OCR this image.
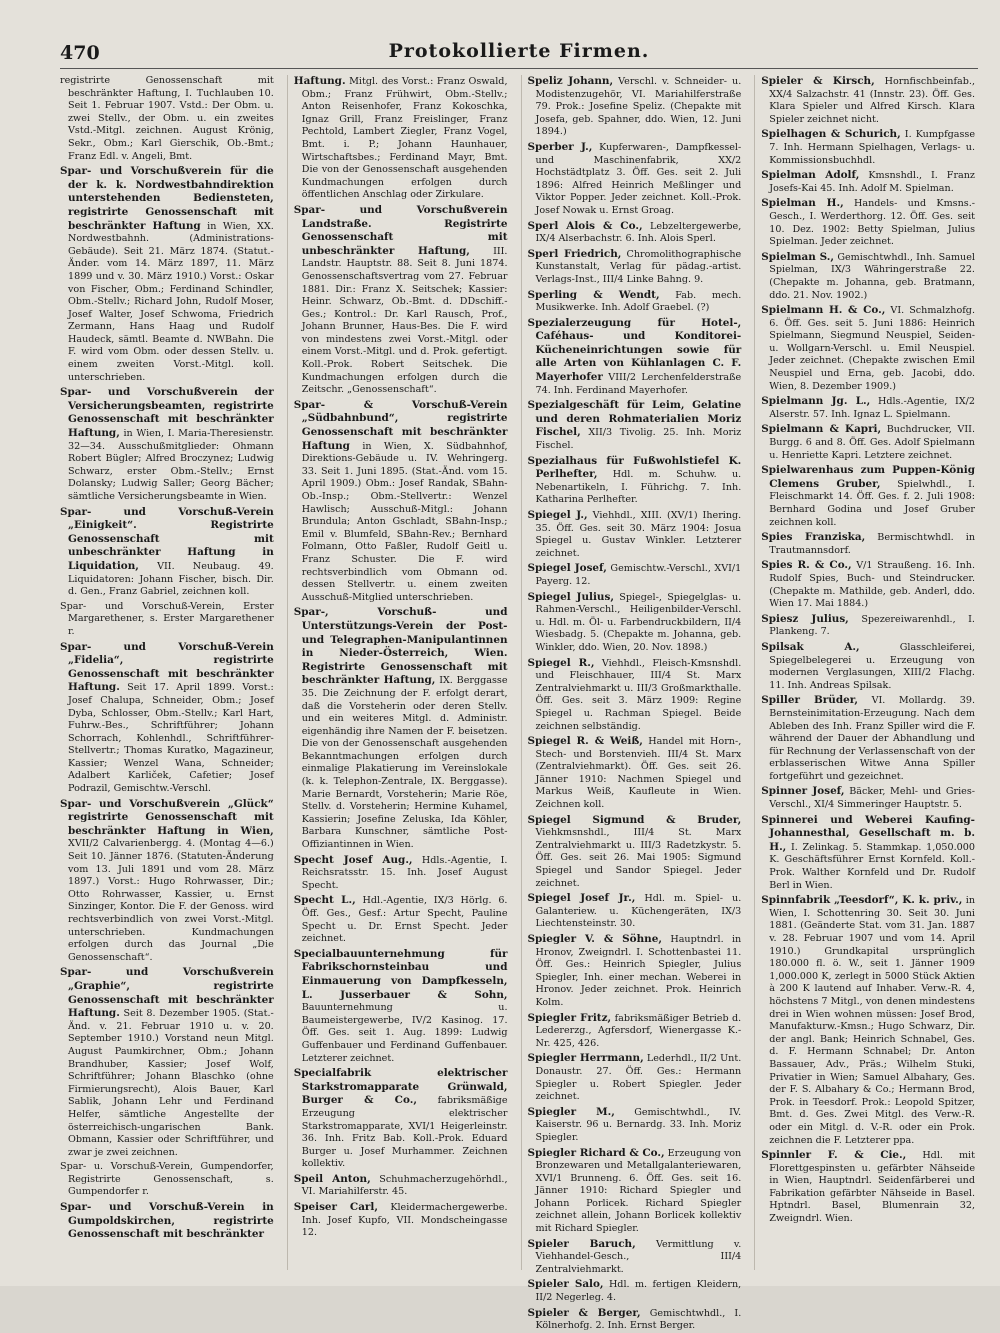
470	Protokollierte Firmen.

registrirte Genossenschaft mit beschränkter Haftung, I. Tuchlauben 10. Seit 1. Februar 1907. Vstd.: Der Obm. u. zwei Stellv., der Obm. u. ein zweites Vstd.-Mitgl. zeichnen. August Krönig, Sekr., Obm.; Karl Gierschik, Ob.-Bmt.; Franz Edl. v. Angeli, Bmt.

Spar- und Vorschußverein für die der k. k. Nordwestbahndirektion unterstehenden Bediensteten, registrirte Genossenschaft mit beschränkter Haftung in Wien, XX. Nordwestbahnh. (Administrations-Gebäude). Seit 21. März 1874. (Statut.-Änder. vom 14. März 1897, 11. März 1899 und v. 30. März 1910.) Vorst.: Oskar von Fischer, Obm.; Ferdinand Schindler, Obm.-Stellv.; Richard John, Rudolf Moser, Josef Walter, Josef Schwoma, Friedrich Zermann, Hans Haag und Rudolf Haudeck, sämtl. Beamte d. NWBahn. Die F. wird vom Obm. oder dessen Stellv. u. einem zweiten Vorst.-Mitgl. koll. unterschrieben.

Spar- und Vorschußverein der Versicherungsbeamten, registrirte Genossenschaft mit beschränkter Haftung, in Wien, I. Maria-Theresienstr. 32—34. Ausschußmitglieder: Ohmann Robert Bügler; Alfred Broczynez; Ludwig Schwarz, erster Obm.-Stellv.; Ernst Dolansky; Ludwig Saller; Georg Bächer; sämtliche Versicherungsbeamte in Wien.

Spar- und Vorschuß-Verein „Einigkeit“. Registrirte Genossenschaft mit unbeschränkter Haftung in Liquidation, VII. Neubaug. 49. Liquidatoren: Johann Fischer, bisch. Dir. d. Gen., Franz Gabriel, zeichnen koll.

Spar- und Vorschuß-Verein, Erster Margarethener, s. Erster Margarethener r.

Spar- und Vorschuß-Verein „Fidelia“, registrirte Genossenschaft mit beschränkter Haftung. Seit 17. April 1899. Vorst.: Josef Chalupa, Schneider, Obm.; Josef Dyba, Schlosser, Obm.-Stellv.; Karl Hart, Fuhrw.-Bes., Schriftführer; Johann Schorrach, Kohlenhdl., Schriftführer-Stellvertr.; Thomas Kuratko, Magazineur, Kassier; Wenzel Wana, Schneider; Adalbert Karliček, Cafetier; Josef Podrazil, Gemischtw.-Verschl.

Spar- und Vorschußverein „Glück“ registrirte Genossenschaft mit beschränkter Haftung in Wien, XVII/2 Calvarienbergg. 4. (Montag 4—6.) Seit 10. Jänner 1876. (Statuten-Änderung vom 13. Juli 1891 und vom 28. März 1897.) Vorst.: Hugo Rohrwasser, Dir.; Otto Rohrwasser, Kassier, u. Ernst Sinzinger, Kontor. Die F. der Genoss. wird rechtsverbindlich von zwei Vorst.-Mitgl. unterschrieben. Kundmachungen erfolgen durch das Journal „Die Genossenschaft“.

Spar- und Vorschußverein „Graphie“, registrirte Genossenschaft mit beschränkter Haftung. Seit 8. Dezember 1905. (Stat.-Änd. v. 21. Februar 1910 u. v. 20. September 1910.) Vorstand neun Mitgl. August Paumkirchner, Obm.; Johann Brandhuber, Kassier; Josef Wolf, Schriftführer; Johann Blaschko (ohne Firmierungsrecht), Alois Bauer, Karl Sablik, Johann Lehr und Ferdinand Helfer, sämtliche Angestellte der österreichisch-ungarischen Bank. Obmann, Kassier oder Schriftführer, und zwar je zwei zeichnen.

Spar- u. Vorschuß-Verein, Gumpendorfer, Registrirte Genossenschaft, s. Gumpendorfer r.

Spar- und Vorschuß-Verein in Gumpoldskirchen, registrirte Genossenschaft mit beschränkter

Haftung. Mitgl. des Vorst.: Franz Oswald, Obm.; Franz Frühwirt, Obm.-Stellv.; Anton Reisenhofer, Franz Kokoschka, Ignaz Grill, Franz Freislinger, Franz Pechtold, Lambert Ziegler, Franz Vogel, Bmt. i. P.; Johann Haunhauer, Wirtschaftsbes.; Ferdinand Mayr, Bmt. Die von der Genossenschaft ausgehenden Kundmachungen erfolgen durch öffentlichen Anschlag oder Zirkulare.

Spar- und Vorschußverein Landstraße. Registrirte Genossenschaft mit unbeschränkter Haftung, III. Landstr. Hauptstr. 88. Seit 8. Juni 1874. Genossenschaftsvertrag vom 27. Februar 1881. Dir.: Franz X. Seitschek; Kassier: Heinr. Schwarz, Ob.-Bmt. d. DDschiff.-Ges.; Kontrol.: Dr. Karl Rausch, Prof., Johann Brunner, Haus-Bes. Die F. wird von mindestens zwei Vorst.-Mitgl. oder einem Vorst.-Mitgl. und d. Prok. gefertigt. Koll.-Prok. Robert Seitschek. Die Kundmachungen erfolgen durch die Zeitschr. „Genossenschaft“.

Spar- & Vorschuß-Verein „Südbahnbund“, registrirte Genossenschaft mit beschränkter Haftung in Wien, X. Südbahnhof, Direktions-Gebäude u. IV. Wehringerg. 33. Seit 1. Juni 1895. (Stat.-Änd. vom 15. April 1909.) Obm.: Josef Randak, SBahn-Ob.-Insp.; Obm.-Stellvertr.: Wenzel Hawlisch; Ausschuß-Mitgl.: Johann Brundula; Anton Gschladt, SBahn-Insp.; Emil v. Blumfeld, SBahn-Rev.; Bernhard Folmann, Otto Faßler, Rudolf Geitl u. Franz Schuster. Die F. wird rechtsverbindlich vom Obmann od. dessen Stellvertr. u. einem zweiten Ausschuß-Mitglied unterschrieben.

Spar-, Vorschuß- und Unterstützungs-Verein der Post- und Telegraphen-Manipulantinnen in Nieder-Österreich, Wien. Registrirte Genossenschaft mit beschränkter Haftung, IX. Berggasse 35. Die Zeichnung der F. erfolgt derart, daß die Vorsteherin oder deren Stellv. und ein weiteres Mitgl. d. Administr. eigenhändig ihre Namen der F. beisetzen. Die von der Genossenschaft ausgehenden Bekanntmachungen erfolgen durch einmalige Plakatierung im Vereinslokale (k. k. Telephon-Zentrale, IX. Berggasse). Marie Bernardt, Vorsteherin; Marie Röe, Stellv. d. Vorsteherin; Hermine Kuhamel, Kassierin; Josefine Zeluska, Ida Köhler, Barbara Kunschner, sämtliche Post-Offiziantinnen in Wien.

Specht Josef Aug., Hdls.-Agentie, I. Reichsratsstr. 15. Inh. Josef August Specht.

Specht L., Hdl.-Agentie, IX/3 Hörlg. 6. Öff. Ges., Gesf.: Artur Specht, Pauline Specht u. Dr. Ernst Specht. Jeder zeichnet.

Specialbauunternehmung für Fabrikschornsteinbau und Einmauerung von Dampfkesseln, L. Jusserbauer & Sohn, Bauunternehmung u. Baumeistergewerbe, IV/2 Kasinog. 17. Öff. Ges. seit 1. Aug. 1899: Ludwig Guffenbauer und Ferdinand Guffenbauer. Letzterer zeichnet.

Specialfabrik elektrischer Starkstromapparate Grünwald, Burger & Co., fabriksmäßige Erzeugung elektrischer Starkstromapparate, XVI/1 Heigerleinstr. 36. Inh. Fritz Bab. Koll.-Prok. Eduard Burger u. Josef Murhammer. Zeichnen kollektiv.

Speil Anton, Schuhmacherzugehörhdl., VI. Mariahilferstr. 45.

Speiser Carl, Kleidermachergewerbe. Inh. Josef Kupfo, VII. Mondscheingasse 12.

Speliz Johann, Verschl. v. Schneider- u. Modistenzugehör, VI. Mariahilferstraße 79. Prok.: Josefine Speliz. (Chepakte mit Josefa, geb. Spahner, ddo. Wien, 12. Juni 1894.)

Sperber J., Kupferwaren-, Dampfkessel- und Maschinenfabrik, XX/2 Hochstädtplatz 3. Öff. Ges. seit 2. Juli 1896: Alfred Heinrich Meßlinger und Viktor Popper. Jeder zeichnet. Koll.-Prok. Josef Nowak u. Ernst Groag.

Sperl Alois & Co., Lebzeltergewerbe, IX/4 Alserbachstr. 6. Inh. Alois Sperl.

Sperl Friedrich, Chromolithographische Kunstanstalt, Verlag für pädag.-artist. Verlags-Inst., III/4 Linke Bahng. 9.

Sperling & Wendt, Fab. mech. Musikwerke. Inh. Adolf Graebel. (?)

Spezialerzeugung für Hotel-, Caféhaus- und Konditorei-Kücheneinrichtungen sowie für alle Arten von Kühlanlagen C. F. Mayerhofer VIII/2 Lerchenfelderstraße 74. Inh. Ferdinand Mayerhofer.

Spezialgeschäft für Leim, Gelatine und deren Rohmaterialien Moriz Fischel, XII/3 Tivolig. 25. Inh. Moriz Fischel.

Spezialhaus für Fußwohlstiefel K. Perlhefter, Hdl. m. Schuhw. u. Nebenartikeln, I. Führichg. 7. Inh. Katharina Perlhefter.

Spiegel J., Viehhdl., XIII. (XV/1) Ihering. 35. Öff. Ges. seit 30. März 1904: Josua Spiegel u. Gustav Winkler. Letzterer zeichnet.

Spiegel Josef, Gemischtw.-Verschl., XVI/1 Payerg. 12.

Spiegel Julius, Spiegel-, Spiegelglas- u. Rahmen-Verschl., Heiligenbilder-Verschl. u. Hdl. m. Öl- u. Farbendruckbildern, II/4 Wiesbadg. 5. (Chepakte m. Johanna, geb. Winkler, ddo. Wien, 20. Nov. 1898.)

Spiegel R., Viehhdl., Fleisch-Kmsnshdl. und Fleischhauer, III/4 St. Marx Zentralviehmarkt u. III/3 Großmarkthalle. Öff. Ges. seit 3. März 1909: Regine Spiegel u. Rachman Spiegel. Beide zeichnen selbständig.

Spiegel R. & Weiß, Handel mit Horn-, Stech- und Borstenvieh. III/4 St. Marx (Zentralviehmarkt). Öff. Ges. seit 26. Jänner 1910: Nachmen Spiegel und Markus Weiß, Kaufleute in Wien. Zeichnen koll.

Spiegel Sigmund & Bruder, Viehkmsnshdl., III/4 St. Marx Zentralviehmarkt u. III/3 Radetzkystr. 5. Öff. Ges. seit 26. Mai 1905: Sigmund Spiegel und Sandor Spiegel. Jeder zeichnet.

Spiegel Josef Jr., Hdl. m. Spiel- u. Galanteriew. u. Küchengeräten, IX/3 Liechtensteinstr. 30.

Spiegler V. & Söhne, Hauptndrl. in Hronov, Zweigndrl. I. Schottenbastei 11. Öff. Ges.: Heinrich Spiegler, Julius Spiegler, Inh. einer mechan. Weberei in Hronov. Jeder zeichnet. Prok. Heinrich Kolm.

Spiegler Fritz, fabriksmäßiger Betrieb d. Ledererzg., Agfersdorf, Wienergasse K.-Nr. 425, 426.

Spiegler Herrmann, Lederhdl., II/2 Unt. Donaustr. 27. Öff. Ges.: Hermann Spiegler u. Robert Spiegler. Jeder zeichnet.

Spiegler M., Gemischtwhdl., IV. Kaiserstr. 96 u. Bernardg. 33. Inh. Moriz Spiegler.

Spiegler Richard & Co., Erzeugung von Bronzewaren und Metallgalanteriewaren, XVI/1 Brunneng. 6. Öff. Ges. seit 16. Jänner 1910: Richard Spiegler und Johann Porlicek. Richard Spiegler zeichnet allein, Johann Borlicek kollektiv mit Richard Spiegler.

Spieler Baruch, Vermittlung v. Viehhandel-Gesch., III/4 Zentralviehmarkt.

Spieler Salo, Hdl. m. fertigen Kleidern, II/2 Negerleg. 4.

Spieler & Berger, Gemischtwhdl., I. Kölnerhofg. 2. Inh. Ernst Berger.

Spieler & Kirsch, Hornfischbeinfab., XX/4 Salzachstr. 41 (Innstr. 23). Öff. Ges. Klara Spieler und Alfred Kirsch. Klara Spieler zeichnet nicht.

Spielhagen & Schurich, I. Kumpfgasse 7. Inh. Hermann Spielhagen, Verlags- u. Kommissionsbuchhdl.

Spielman Adolf, Kmsnshdl., I. Franz Josefs-Kai 45. Inh. Adolf M. Spielman.

Spielman H., Handels- und Kmsns.-Gesch., I. Werderthorg. 12. Öff. Ges. seit 10. Dez. 1902: Betty Spielman, Julius Spielman. Jeder zeichnet.

Spielman S., Gemischtwhdl., Inh. Samuel Spielman, IX/3 Währingerstraße 22. (Chepakte m. Johanna, geb. Bratmann, ddo. 21. Nov. 1902.)

Spielmann H. & Co., VI. Schmalzhofg. 6. Öff. Ges. seit 5. Juni 1886: Heinrich Spielmann, Siegmund Neuspiel, Seiden- u. Wollgarn-Verschl. u. Emil Neuspiel. Jeder zeichnet. (Chepakte zwischen Emil Neuspiel und Erna, geb. Jacobi, ddo. Wien, 8. Dezember 1909.)

Spielmann Jg. L., Hdls.-Agentie, IX/2 Alserstr. 57. Inh. Ignaz L. Spielmann.

Spielmann & Kapri, Buchdrucker, VII. Burgg. 6 and 8. Öff. Ges. Adolf Spielmann u. Henriette Kapri. Letztere zeichnet.

Spielwarenhaus zum Puppen-König Clemens Gruber, Spielwhdl., I. Fleischmarkt 14. Öff. Ges. f. 2. Juli 1908: Bernhard Godina und Josef Gruber zeichnen koll.

Spies Franziska, Bermischtwhdl. in Trautmannsdorf.

Spies R. & Co., V/1 Straußeng. 16. Inh. Rudolf Spies, Buch- und Steindrucker. (Chepakte m. Mathilde, geb. Anderl, ddo. Wien 17. Mai 1884.)

Spiesz Julius, Spezereiwarenhdl., I. Plankeng. 7.

Spilsak A.,	Glasschleiferei, Spiegelbelegerei u. Erzeugung von modernen Verglasungen, XIII/2 Flachg. 11. Inh. Andreas Spilsak.

Spiller Brüder, VI. Mollardg. 39. Bernsteinimitation-Erzeugung. Nach dem Ableben des Inh. Franz Spiller wird die F. während der Dauer der Abhandlung und für Rechnung der Verlassenschaft von der erblasserischen Witwe Anna Spiller fortgeführt und gezeichnet.

Spinner Josef, Bäcker, Mehl- und Gries-Verschl., XI/4 Simmeringer Hauptstr. 5.

Spinnerei und Weberei Kaufing-Johannesthal, Gesellschaft m. b. H., I. Zelinkag. 5. Stammkap. 1,050.000 K. Geschäftsführer Ernst Kornfeld. Koll.-Prok. Walther Kornfeld und Dr. Rudolf Berl in Wien.

Spinnfabrik „Teesdorf“, K. k. priv., in Wien, I. Schottenring 30. Seit 30. Juni 1881. (Geänderte Stat. vom 31. Jan. 1887 v. 28. Februar 1907 und vom 14. April 1910.) Grundkapital ursprünglich 180.000 fl. ö. W., seit 1. Jänner 1909 1,000.000 K, zerlegt in 5000 Stück Aktien à 200 K lautend auf Inhaber. Verw.-R. 4, höchstens 7 Mitgl., von denen mindestens drei in Wien wohnen müssen: Josef Brod, Manufakturw.-Kmsn.; Hugo Schwarz, Dir. der angl. Bank; Heinrich Schnabel, Ges. d. F. Hermann Schnabel; Dr. Anton Bassauer, Adv., Präs.; Wilhelm Stuki, Privatier in Wien; Samuel Albahary, Ges. der F. S. Albahary & Co.; Hermann Brod, Prok. in Teesdorf. Prok.: Leopold Spitzer, Bmt. d. Ges. Zwei Mitgl. des Verw.-R. oder ein Mitgl. d. V.-R. oder ein Prok. zeichnen die F. Letzterer ppa.

Spinnler F. & Cie., Hdl. mit Florettgespinsten u. gefärbter Nähseide in Wien, Hauptndrl. Seidenfärberei und Fabrikation gefärbter Nähseide in Basel. Hptndrl. Basel, Blumenrain 32, Zweigndrl. Wien.
